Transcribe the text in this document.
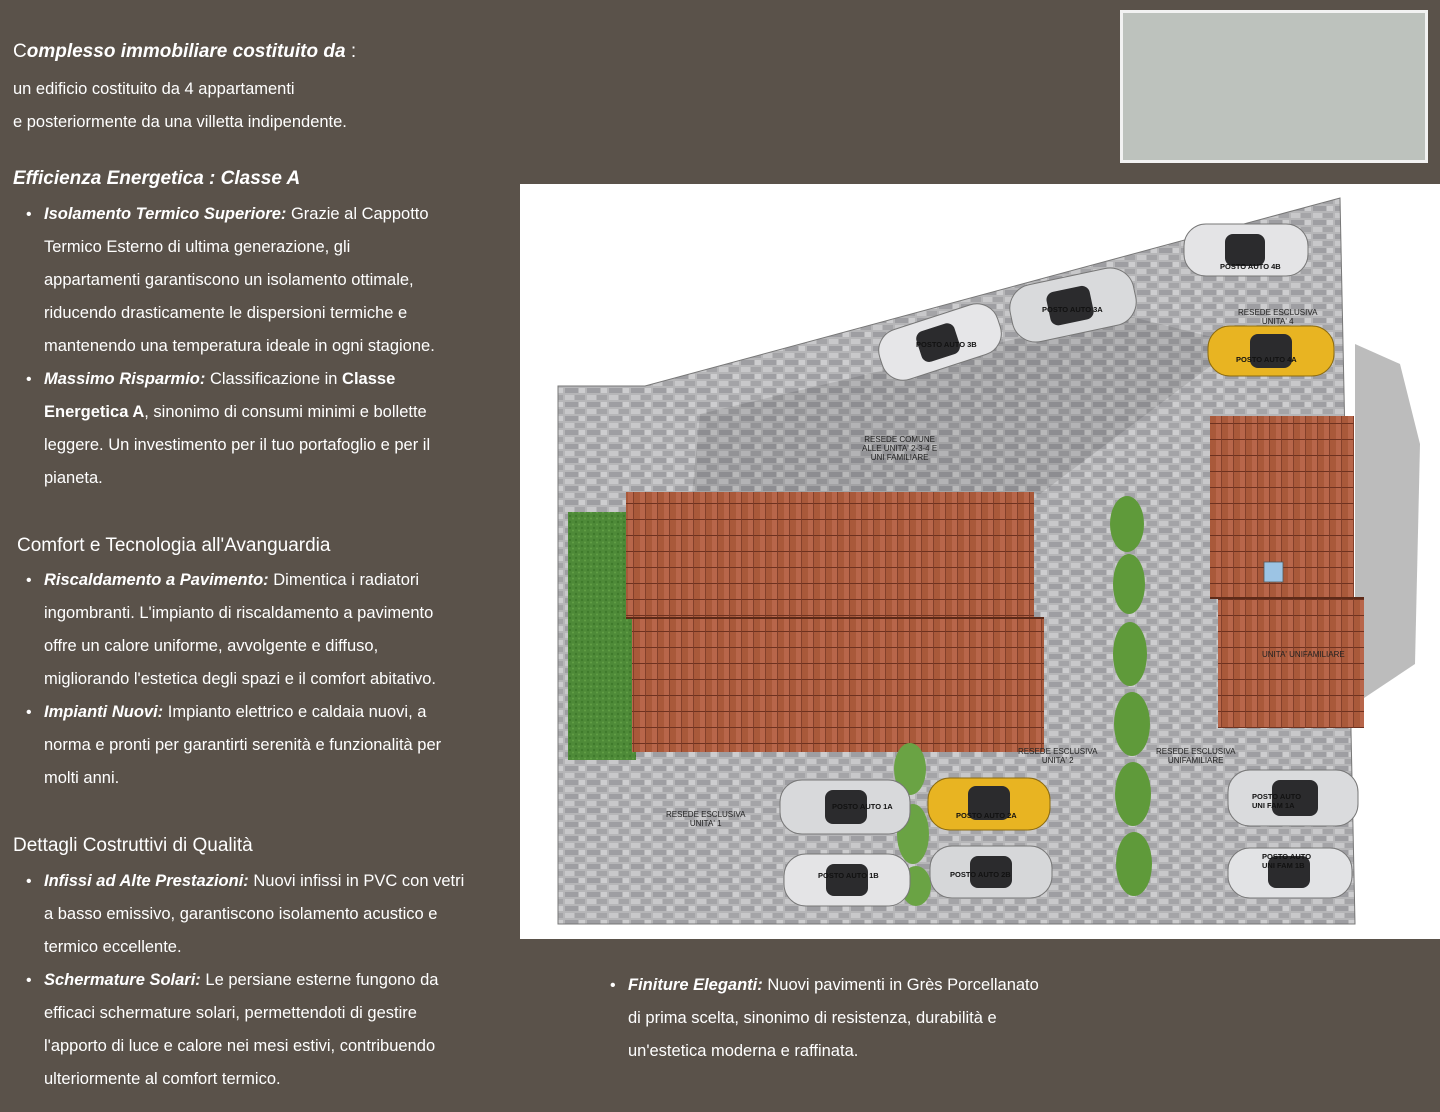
Complesso immobiliare costituito da :
un edificio costituito da 4 appartamenti
e posteriormente da una villetta indipendente.
Efficienza Energetica : Classe A
• Isolamento Termico Superiore: Grazie al Cappotto
Termico Esterno di ultima generazione, gli
appartamenti garantiscono un isolamento ottimale,
riducendo drasticamente le dispersioni termiche e
mantenendo una temperatura ideale in ogni stagione.
• Massimo Risparmio: Classificazione in Classe
Energetica A, sinonimo di consumi minimi e bollette
leggere. Un investimento per il tuo portafoglio e per il
pianeta.
Comfort e Tecnologia all'Avanguardia
• Riscaldamento a Pavimento: Dimentica i radiatori
ingombranti. L'impianto di riscaldamento a pavimento
offre un calore uniforme, avvolgente e diffuso,
migliorando l'estetica degli spazi e il comfort abitativo.
• Impianti Nuovi: Impianto elettrico e caldaia nuovi, a
norma e pronti per garantirti serenità e funzionalità per
molti anni.
Dettagli Costruttivi di Qualità
• Infissi ad Alte Prestazioni: Nuovi infissi in PVC con vetri
a basso emissivo, garantiscono isolamento acustico e
termico eccellente.
• Schermature Solari: Le persiane esterne fungono da
efficaci schermature solari, permettendoti di gestire
l'apporto di luce e calore nei mesi estivi, contribuendo
ulteriormente al comfort termico.
• Finiture Eleganti: Nuovi pavimenti in Grès Porcellanato
di prima scelta, sinonimo di resistenza, durabilità e
un'estetica moderna e raffinata.
RESEDE COMUNE
ALLE UNITA' 2-3-4 E
UNI FAMILIARE
RESEDE ESCLUSIVA
UNITA' 4
RESEDE ESCLUSIVA
UNITA' 2
RESEDE ESCLUSIVA
UNIFAMILIARE
RESEDE ESCLUSIVA
UNITA' 1
UNITA' UNIFAMILIARE
POSTO AUTO 4B
POSTO AUTO 3A
POSTO AUTO 3B
POSTO AUTO 4A
POSTO AUTO 1A
POSTO AUTO 2A
POSTO AUTO 1B	POSTO AUTO 2B
POSTO AUTO
UNI FAM 1A
POSTO AUTO
UNI FAM 1B
